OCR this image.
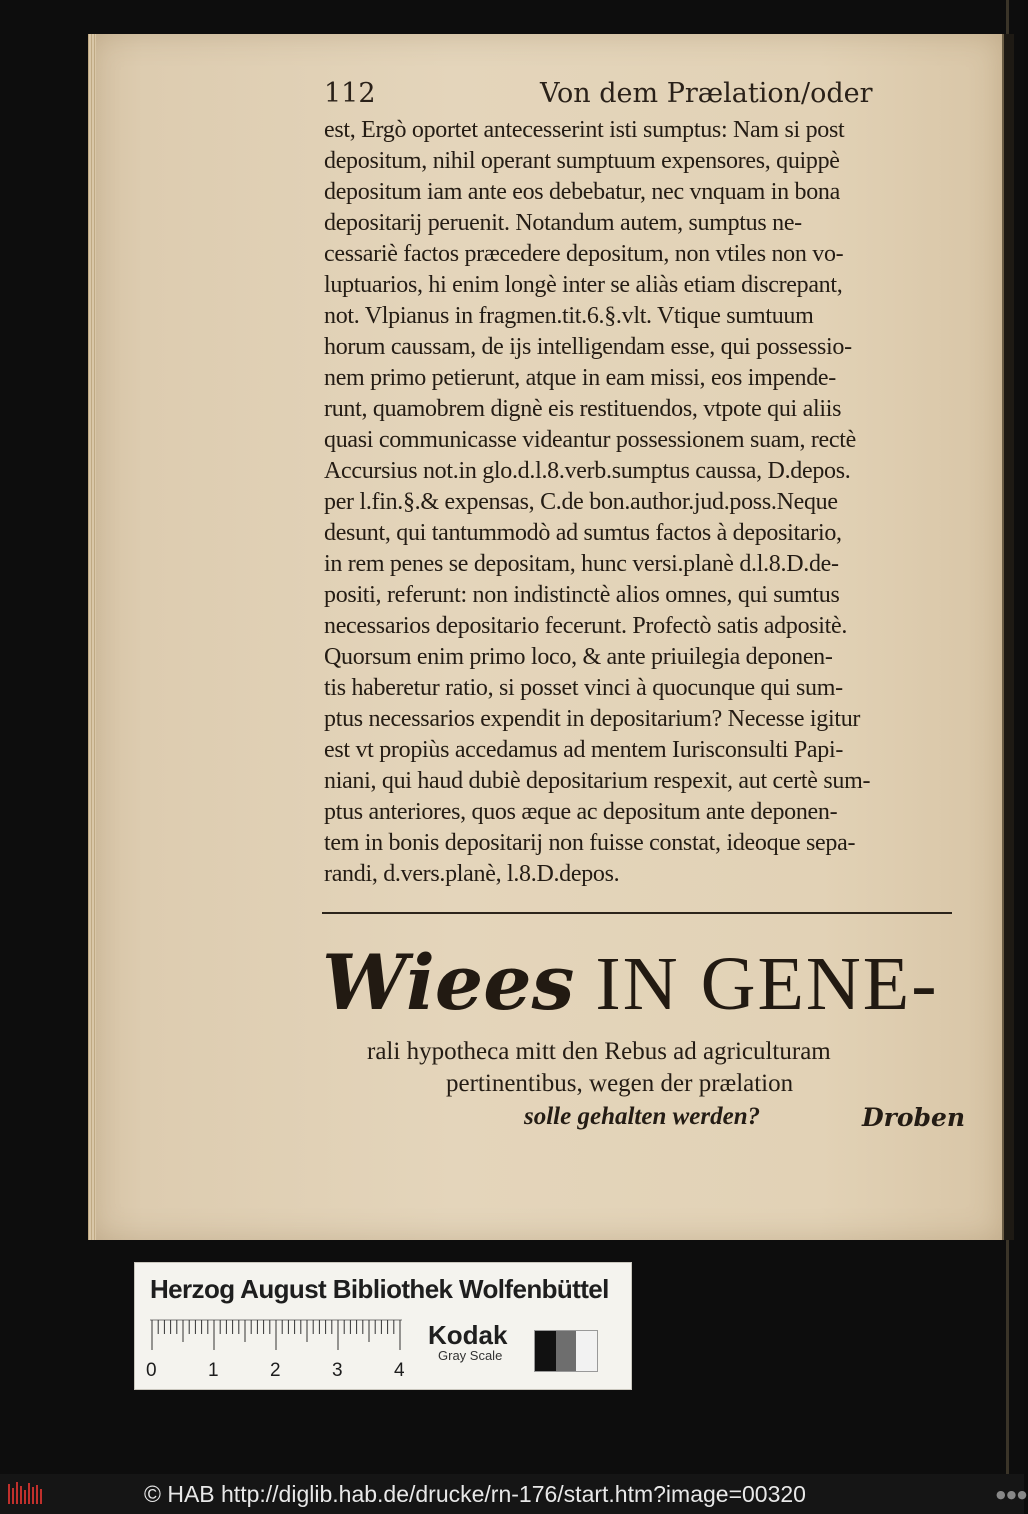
112	Von dem Prælation/oder
est, Ergò oportet antecesserint isti sumptus: Nam si post
depositum, nihil operant sumptuum expensores, quippè
depositum iam ante eos debebatur, nec vnquam in bona
depositarij peruenit. Notandum autem, sumptus ne-
cessariè factos præcedere depositum, non vtiles non vo-
luptuarios, hi enim longè inter se aliàs etiam discrepant,
not. Vlpianus in fragmen.tit.6.§.vlt. Vtique sumtuum
horum caussam, de ijs intelligendam esse, qui possessio-
nem primo petierunt, atque in eam missi, eos impende-
runt, quamobrem dignè eis restituendos, vtpote qui aliis
quasi communicasse videantur possessionem suam, rectè
Accursius not.in glo.d.l.8.verb.sumptus caussa, D.depos.
per l.fin.§.& expensas, C.de bon.author.jud.poss.Neque
desunt, qui tantummodò ad sumtus factos à depositario,
in rem penes se depositam, hunc versi.planè d.l.8.D.de-
positi, referunt: non indistinctè alios omnes, qui sumtus
necessarios depositario fecerunt. Profectò satis adpositè.
Quorsum enim primo loco, & ante priuilegia deponen-
tis haberetur ratio, si posset vinci à quocunque qui sum-
ptus necessarios expendit in depositarium? Necesse igitur
est vt propiùs accedamus ad mentem Iurisconsulti Papi-
niani, qui haud dubiè depositarium respexit, aut certè sum-
ptus anteriores, quos æque ac depositum ante deponen-
tem in bonis depositarij non fuisse constat, ideoque sepa-
randi, d.vers.planè, l.8.D.depos.
Wiees IN GENE-
rali hypotheca mitt den Rebus ad agriculturam
pertinentibus, wegen der prælation
solle gehalten werden?	Droben
Herzog August Bibliothek Wolfenbüttel
0	1	2	3	4
Kodak
Gray Scale
© HAB http://diglib.hab.de/drucke/rn-176/start.htm?image=00320	●●●
